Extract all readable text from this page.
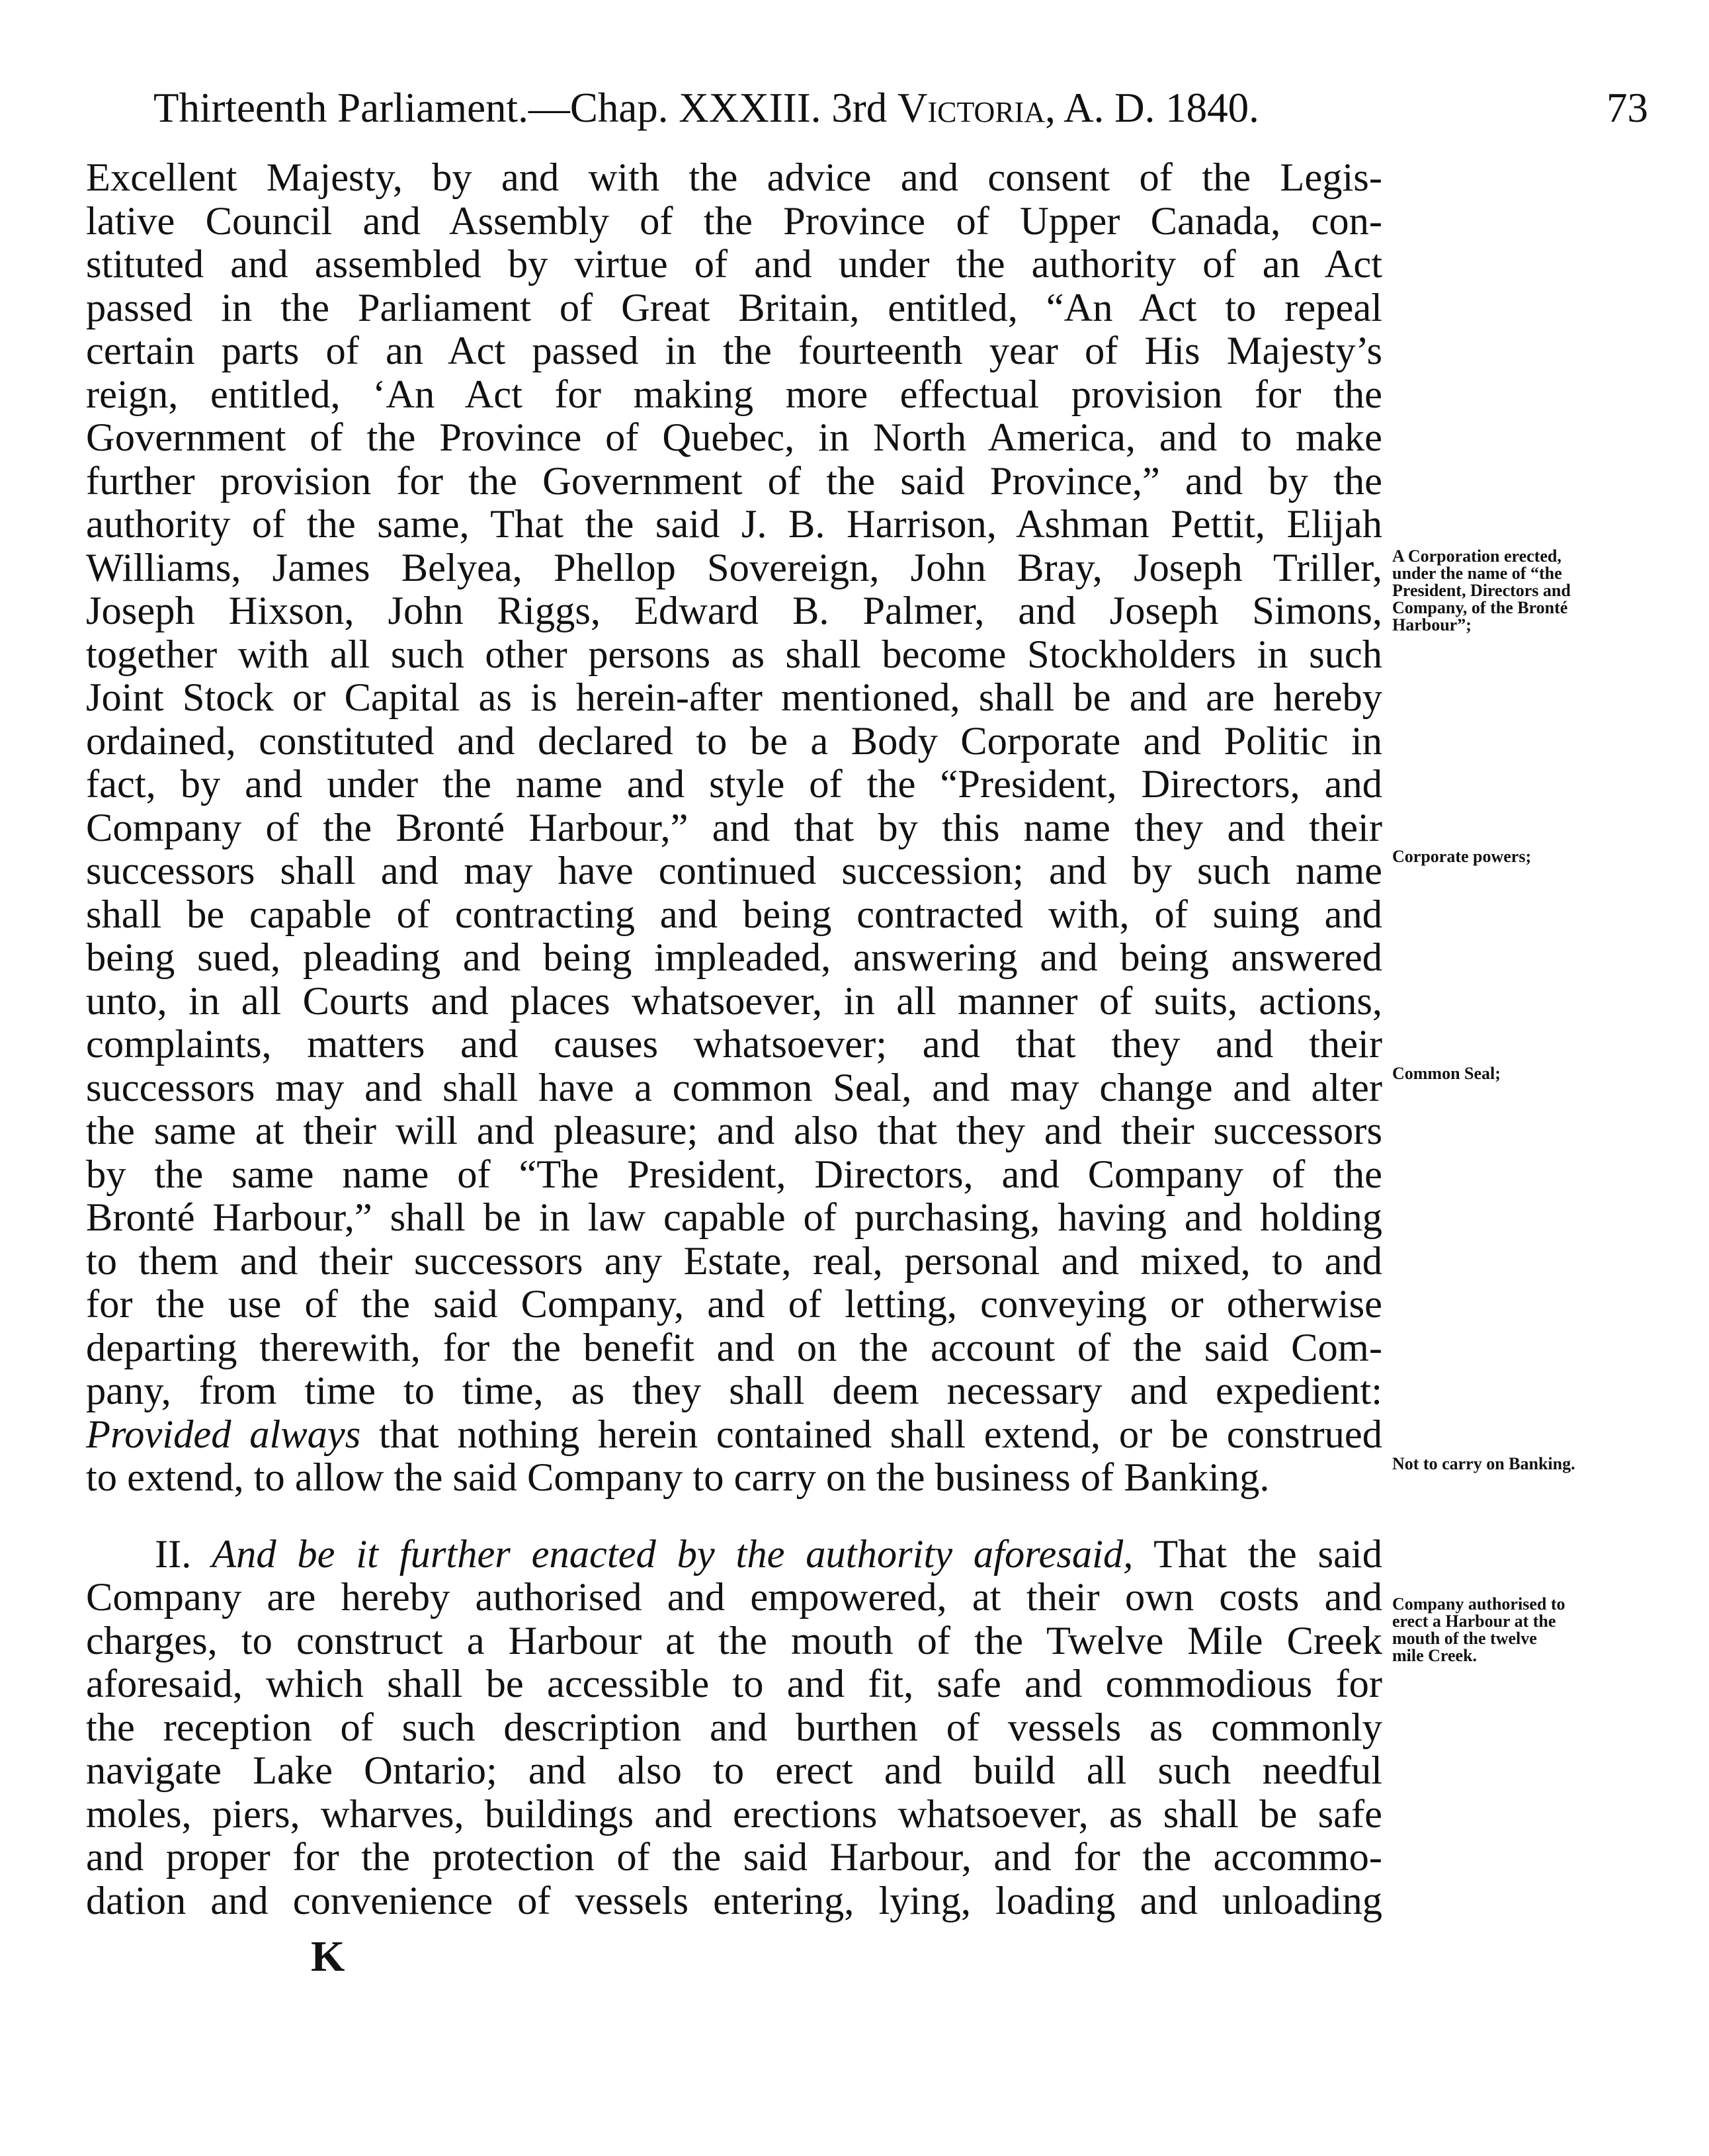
Thirteenth Parliament.—Chap. XXXIII. 3rd Victoria, A. D. 1840.	73
Excellent Majesty, by and with the advice and consent of the Legis-
lative Council and Assembly of the Province of Upper Canada, con-
stituted and assembled by virtue of and under the authority of an Act
passed in the Parliament of Great Britain, entitled, “An Act to repeal
certain parts of an Act passed in the fourteenth year of His Majesty’s
reign, entitled, ‘An Act for making more effectual provision for the
Government of the Province of Quebec, in North America, and to make
further provision for the Government of the said Province,” and by the
authority of the same, That the said J. B. Harrison, Ashman Pettit, Elijah
Williams, James Belyea, Phellop Sovereign, John Bray, Joseph Triller,
Joseph Hixson, John Riggs, Edward B. Palmer, and Joseph Simons,
together with all such other persons as shall become Stockholders in such
Joint Stock or Capital as is herein-after mentioned, shall be and are hereby
ordained, constituted and declared to be a Body Corporate and Politic in
fact, by and under the name and style of the “President, Directors, and
Company of the Bronté Harbour,” and that by this name they and their
successors shall and may have continued succession; and by such name
shall be capable of contracting and being contracted with, of suing and
being sued, pleading and being impleaded, answering and being answered
unto, in all Courts and places whatsoever, in all manner of suits, actions,
complaints, matters and causes whatsoever; and that they and their
successors may and shall have a common Seal, and may change and alter
the same at their will and pleasure; and also that they and their successors
by the same name of “The President, Directors, and Company of the
Bronté Harbour,” shall be in law capable of purchasing, having and holding
to them and their successors any Estate, real, personal and mixed, to and
for the use of the said Company, and of letting, conveying or otherwise
departing therewith, for the benefit and on the account of the said Com-
pany, from time to time, as they shall deem necessary and expedient:
Provided always that nothing herein contained shall extend, or be construed
to extend, to allow the said Company to carry on the business of Banking.
II. And be it further enacted by the authority aforesaid, That the said
Company are hereby authorised and empowered, at their own costs and
charges, to construct a Harbour at the mouth of the Twelve Mile Creek
aforesaid, which shall be accessible to and fit, safe and commodious for
the reception of such description and burthen of vessels as commonly
navigate Lake Ontario; and also to erect and build all such needful
moles, piers, wharves, buildings and erections whatsoever, as shall be safe
and proper for the protection of the said Harbour, and for the accommo-
dation and convenience of vessels entering, lying, loading and unloading
A Corporation erected,
under the name of “the
President, Directors and
Company, of the Bronté
Harbour”;
Corporate powers;
Common Seal;
Not to carry on Banking.
Company authorised to
erect a Harbour at the
mouth of the twelve
mile Creek.
K
